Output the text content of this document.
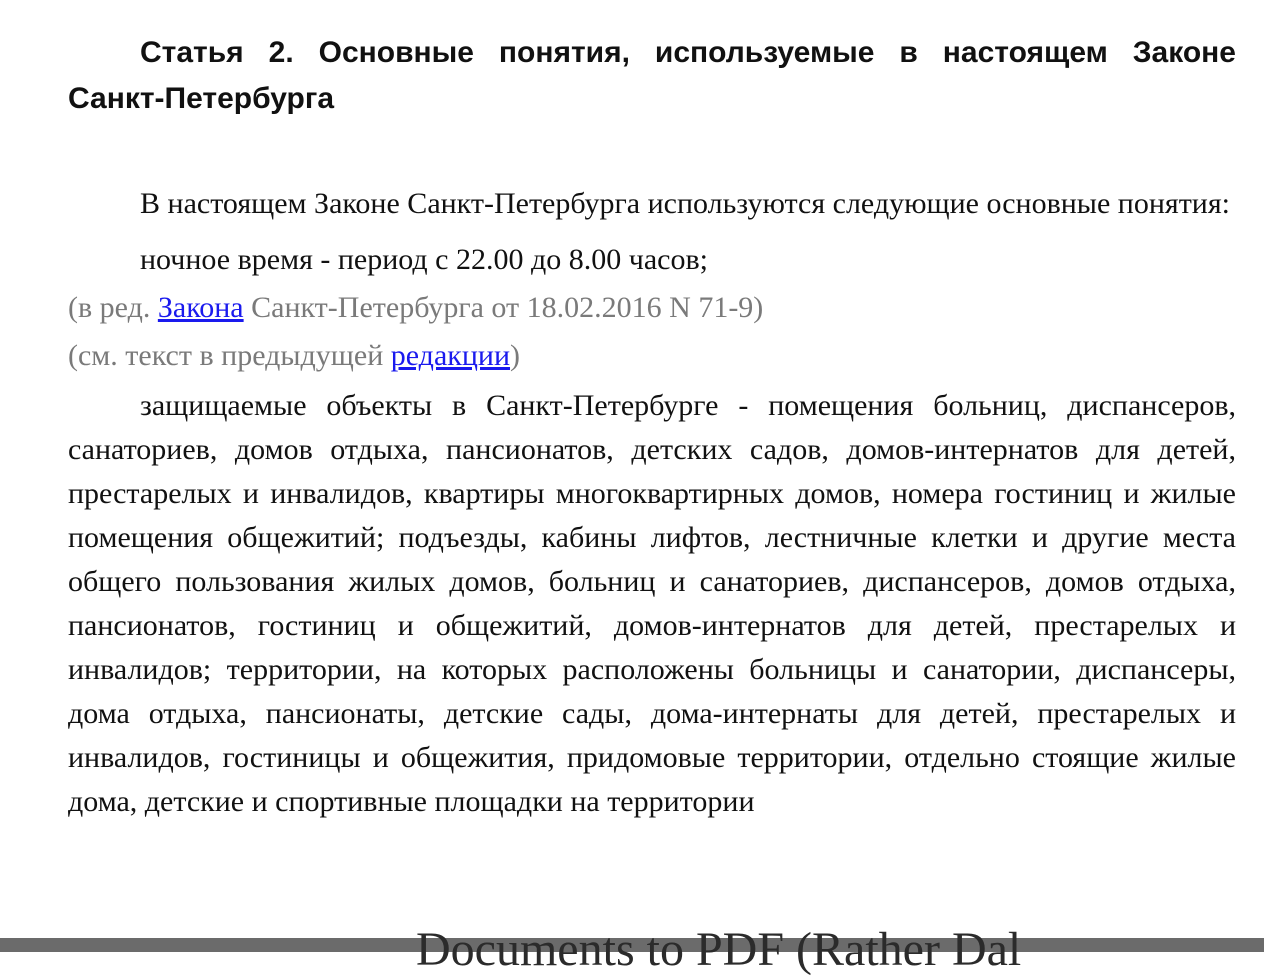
Статья 2. Основные понятия, используемые в настоящем Законе Санкт-Петербурга

В настоящем Законе Санкт-Петербурга используются следующие основные понятия:

ночное время - период с 22.00 до 8.00 часов;

(в ред. Закона Санкт-Петербурга от 18.02.2016 N 71-9)

(см. текст в предыдущей редакции)

защищаемые объекты в Санкт-Петербурге - помещения больниц, диспансеров, санаториев, домов отдыха, пансионатов, детских садов, домов-интернатов для детей, престарелых и инвалидов, квартиры многоквартирных домов, номера гостиниц и жилые помещения общежитий; подъезды, кабины лифтов, лестничные клетки и другие места общего пользования жилых домов, больниц и санаториев, диспансеров, домов отдыха, пансионатов, гостиниц и общежитий, домов-интернатов для детей, престарелых и инвалидов; территории, на которых расположены больницы и санатории, диспансеры, дома отдыха, пансионаты, детские сады, дома-интернаты для детей, престарелых и инвалидов, гостиницы и общежития, придомовые территории, отдельно стоящие жилые дома, детские и спортивные площадки на территории

Documents to PDF (Rather Dal
